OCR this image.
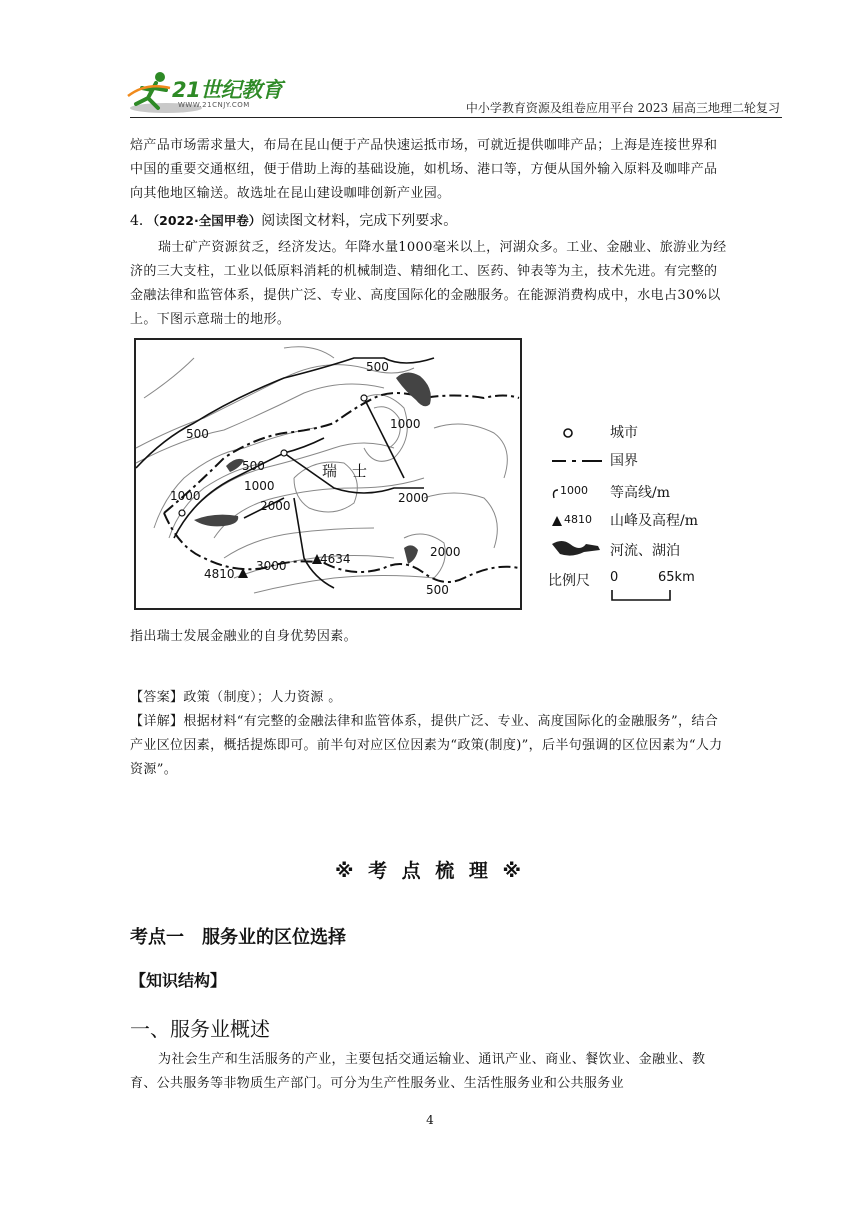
21世纪教育
WWW.21CNJY.COM	中小学教育资源及组卷应用平台 2023 届高三地理二轮复习
焙产品市场需求量大，布局在昆山便于产品快速运抵市场，可就近提供咖啡产品；上海是连接世界和中国的重要交通枢纽，便于借助上海的基础设施，如机场、港口等，方便从国外输入原料及咖啡产品向其他地区输送。故选址在昆山建设咖啡创新产业园。
4．（2022·全国甲卷）阅读图文材料，完成下列要求。
瑞士矿产资源贫乏，经济发达。年降水量1000毫米以上，河湖众多。工业、金融业、旅游业为经济的三大支柱，工业以低原料消耗的机械制造、精细化工、医药、钟表等为主，技术先进。有完整的金融法律和监管体系，提供广泛、专业、高度国际化的金融服务。在能源消费构成中，水电占30%以上。下图示意瑞士的地形。
500
500
1000
1000
500
1000
2000
2000
2000
3000
500
4810
4634
瑞　士
城市
国界
1000 等高线/m
4810 山峰及高程/m
河流、湖泊
比例尺 0	65km
指出瑞士发展金融业的自身优势因素。
【答案】政策（制度）；人力资源 。
【详解】根据材料“有完整的金融法律和监管体系，提供广泛、专业、高度国际化的金融服务”，结合产业区位因素，概括提炼即可。前半句对应区位因素为“政策(制度)”，后半句强调的区位因素为“人力资源”。
※ 考 点 梳 理 ※
考点一　服务业的区位选择
【知识结构】
一、服务业概述
为社会生产和生活服务的产业，主要包括交通运输业、通讯产业、商业、餐饮业、金融业、教育、公共服务等非物质生产部门。可分为生产性服务业、生活性服务业和公共服务业
4
